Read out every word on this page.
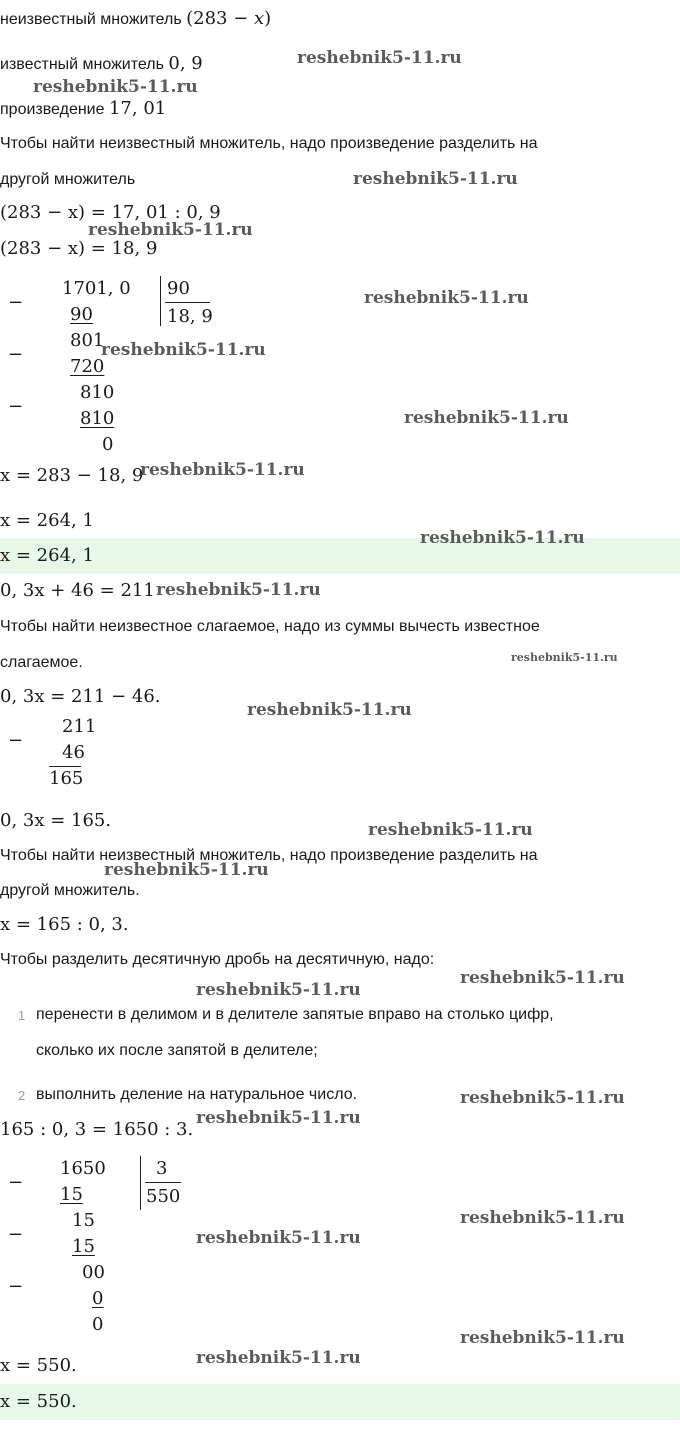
неизвестный множитель (283 − x)
известный множитель 0, 9
произведение 17, 01
Чтобы найти неизвестный множитель, надо произведение разделить на
другой множитель
(283 − x) = 17, 01 : 0, 9
(283 − x) = 18, 9
−
1701, 0 90
18, 9
90
−
801
720
−
810
810
0
x = 283 − 18, 9
x = 264, 1
x = 264, 1
0, 3x + 46 = 211
Чтобы найти неизвестное слагаемое, надо из суммы вычесть известное
слагаемое.
0, 3x = 211 − 46.
−
211
46
165
0, 3x = 165.
Чтобы найти неизвестный множитель, надо произведение разделить на
другой множитель.
x = 165 : 0, 3.
Чтобы разделить десятичную дробь на десятичную, надо:
1 перенести в делимом и в делителе запятые вправо на столько цифр,
сколько их после запятой в делителе;
2 выполнить деление на натуральное число.
165 : 0, 3 = 1650 : 3.
−
1650	3
550
15
−
15
15
−
00
0
0
x = 550.
x = 550.
reshebnik5-11.ru
reshebnik5-11.ru
reshebnik5-11.ru
reshebnik5-11.ru
reshebnik5-11.ru
reshebnik5-11.ru
reshebnik5-11.ru
reshebnik5-11.ru
reshebnik5-11.ru
reshebnik5-11.ru
reshebnik5-11.ru
reshebnik5-11.ru
reshebnik5-11.ru
reshebnik5-11.ru
reshebnik5-11.ru
reshebnik5-11.ru
reshebnik5-11.ru
reshebnik5-11.ru
reshebnik5-11.ru
reshebnik5-11.ru
reshebnik5-11.ru
reshebnik5-11.ru
